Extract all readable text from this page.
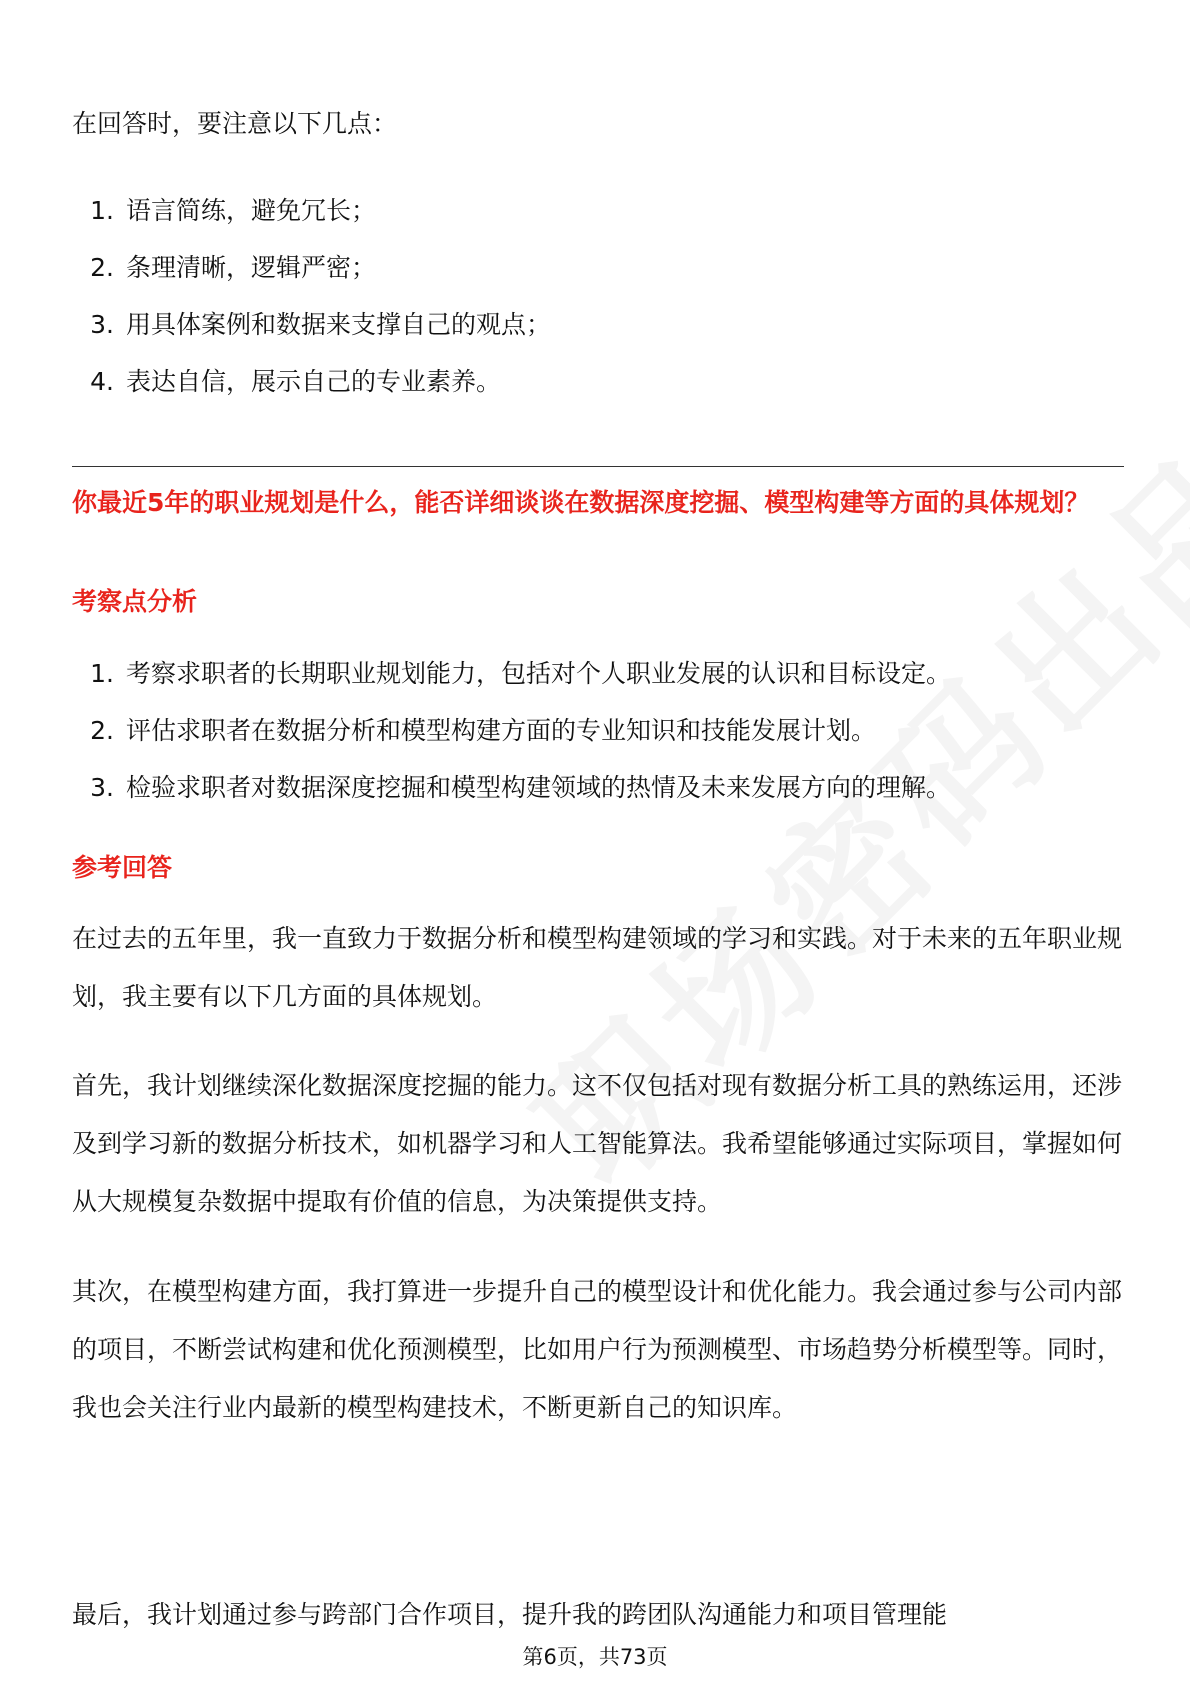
在回答时，要注意以下几点：
1. 语言简练，避免冗长；
2. 条理清晰，逻辑严密；
3. 用具体案例和数据来支撑自己的观点；
4. 表达自信，展示自己的专业素养。
你最近5年的职业规划是什么，能否详细谈谈在数据深度挖掘、模型构建等方面的具体规划？
考察点分析
1. 考察求职者的长期职业规划能力，包括对个人职业发展的认识和目标设定。
2. 评估求职者在数据分析和模型构建方面的专业知识和技能发展计划。
3. 检验求职者对数据深度挖掘和模型构建领域的热情及未来发展方向的理解。
参考回答
在过去的五年里，我一直致力于数据分析和模型构建领域的学习和实践。对于未来的五年职业规划，我主要有以下几方面的具体规划。
首先，我计划继续深化数据深度挖掘的能力。这不仅包括对现有数据分析工具的熟练运用，还涉及到学习新的数据分析技术，如机器学习和人工智能算法。我希望能够通过实际项目，掌握如何从大规模复杂数据中提取有价值的信息，为决策提供支持。
其次，在模型构建方面，我打算进一步提升自己的模型设计和优化能力。我会通过参与公司内部的项目，不断尝试构建和优化预测模型，比如用户行为预测模型、市场趋势分析模型等。同时，我也会关注行业内最新的模型构建技术，不断更新自己的知识库。
最后，我计划通过参与跨部门合作项目，提升我的跨团队沟通能力和项目管理能
第6页，共73页
